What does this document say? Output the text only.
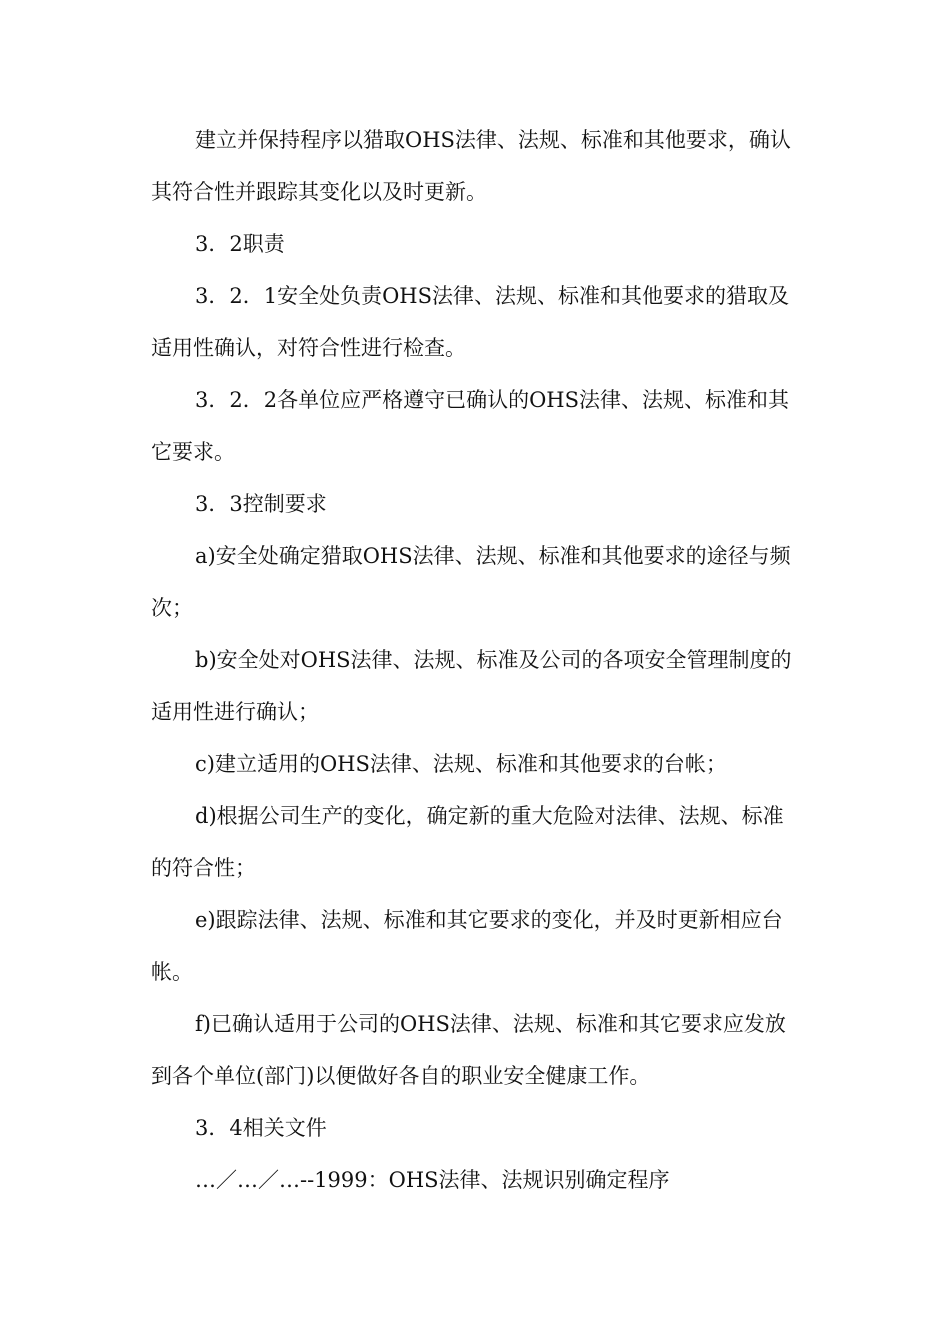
建立并保持程序以猎取OHS法律、法规、标准和其他要求，确认其符合性并跟踪其变化以及时更新。

3．2职责

3．2．1安全处负责OHS法律、法规、标准和其他要求的猎取及适用性确认，对符合性进行检查。

3．2．2各单位应严格遵守已确认的OHS法律、法规、标准和其它要求。

3．3控制要求

a)安全处确定猎取OHS法律、法规、标准和其他要求的途径与频次；

b)安全处对OHS法律、法规、标准及公司的各项安全管理制度的适用性进行确认；

c)建立适用的OHS法律、法规、标准和其他要求的台帐；

d)根据公司生产的变化，确定新的重大危险对法律、法规、标准的符合性；

e)跟踪法律、法规、标准和其它要求的变化，并及时更新相应台帐。

f)已确认适用于公司的OHS法律、法规、标准和其它要求应发放到各个单位(部门)以便做好各自的职业安全健康工作。

3．4相关文件

…／…／…--1999：OHS法律、法规识别确定程序
